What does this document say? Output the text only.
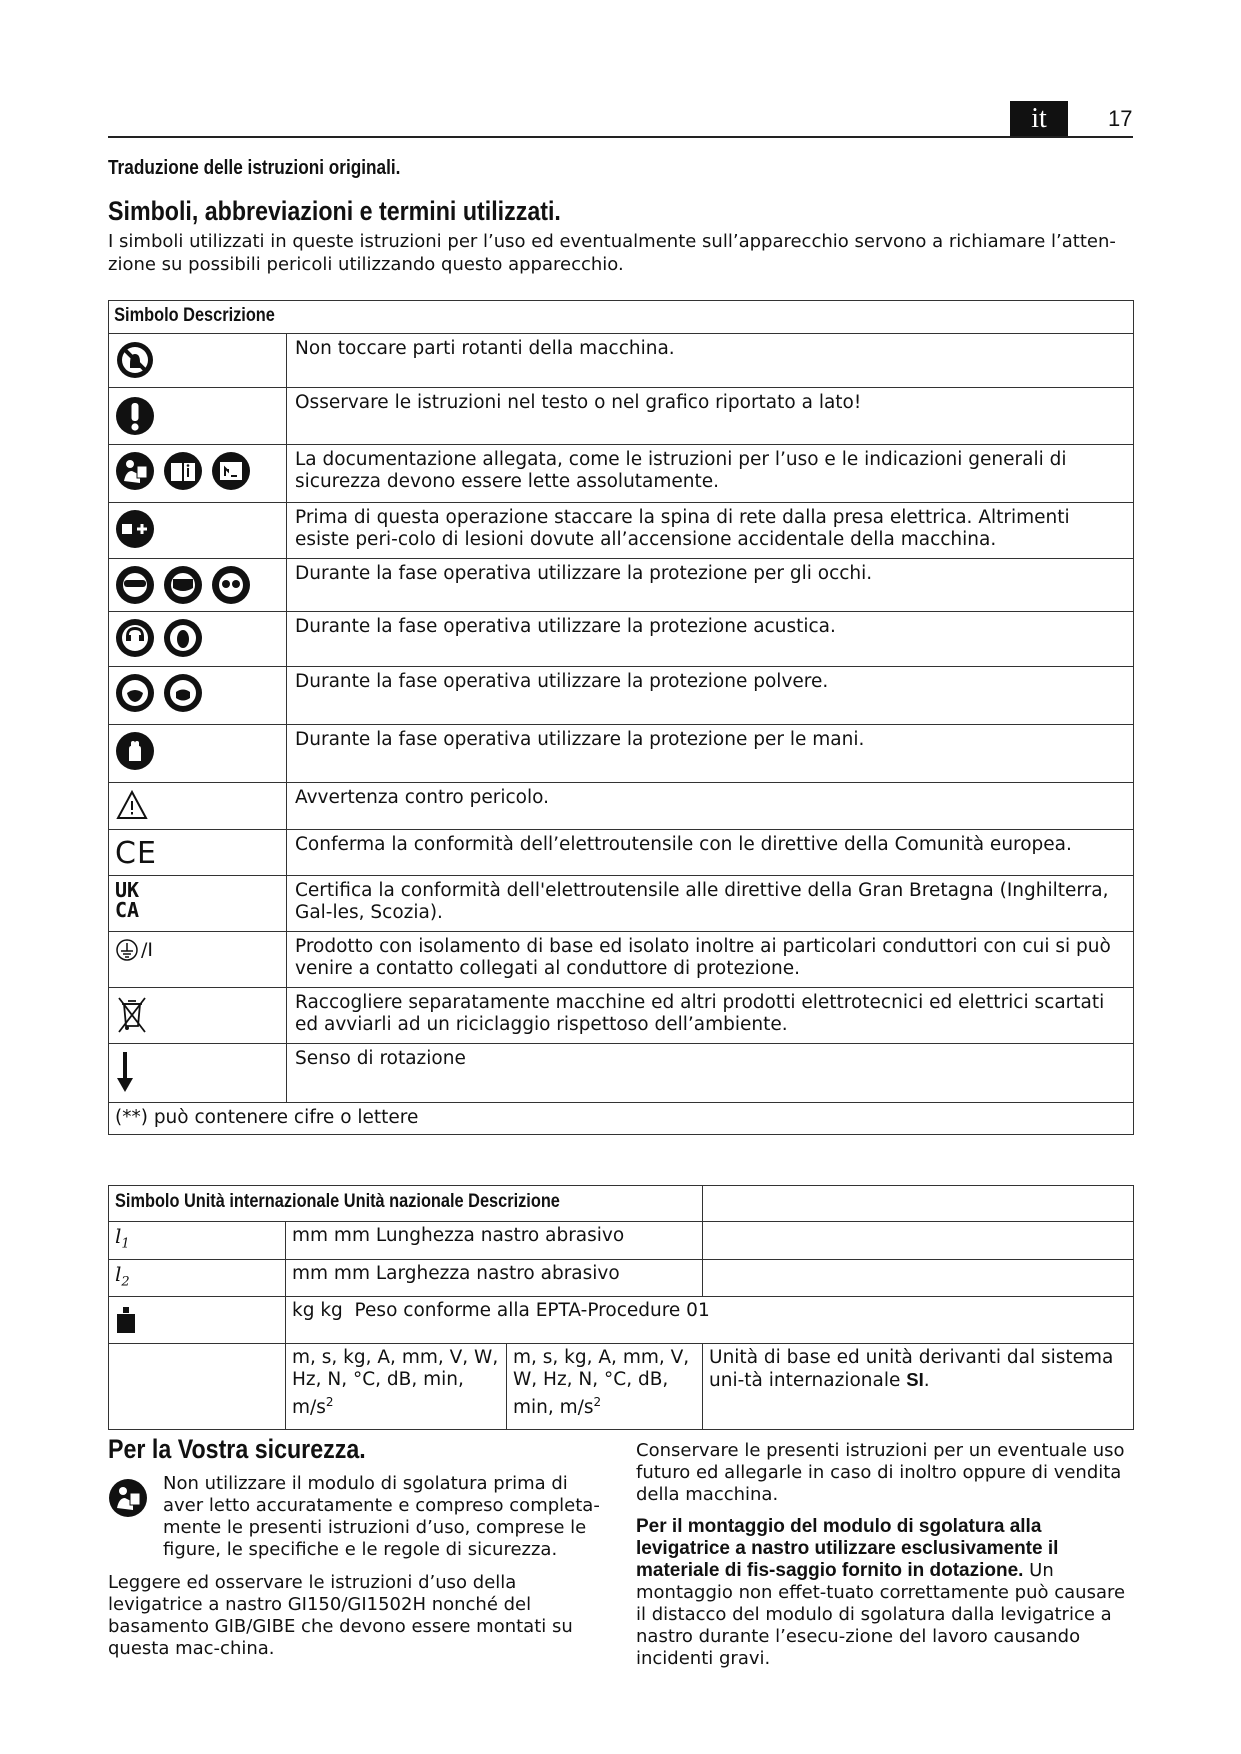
it	17
Traduzione delle istruzioni originali.
Simboli, abbreviazioni e termini utilizzati.
I simboli utilizzati in queste istruzioni per l’uso ed eventualmente sull’apparecchio servono a richiamare l’atten-
zione su possibili pericoli utilizzando questo apparecchio.
Simbolo Descrizione	

	Non toccare parti rotanti della macchina.

	Osservare le istruzioni nel testo o nel grafico riportato a lato!

	La documentazione allegata, come le istruzioni per l’uso e le indicazioni generali di sicurezza devono essere lette assolutamente.

	Prima di questa operazione staccare la spina di rete dalla presa elettrica. Altrimenti esiste peri-colo di lesioni dovute all’accensione accidentale della macchina.

	Durante la fase operativa utilizzare la protezione per gli occhi.

	Durante la fase operativa utilizzare la protezione acustica.

	Durante la fase operativa utilizzare la protezione polvere.

	Durante la fase operativa utilizzare la protezione per le mani.

	Avvertenza contro pericolo.

CE	Conferma la conformità dell’elettroutensile con le direttive della Comunità europea.

UK
CA	Certifica la conformità dell'elettroutensile alle direttive della Gran Bretagna (Inghilterra, Gal-les, Scozia).

/I	Prodotto con isolamento di base ed isolato inoltre ai particolari conduttori con cui si può venire a contatto collegati al conduttore di protezione.

	Raccogliere separatamente macchine ed altri prodotti elettrotecnici ed elettrici scartati ed avviarli ad un riciclaggio rispettoso dell’ambiente.

	Senso di rotazione
(**) può contenere cifre o lettere	
Simbolo Unità internazionale Unità nazionale Descrizione			

$l_1$	mm mm Lunghezza nastro abrasivo		
$l_2$	mm mm Larghezza nastro abrasivo		

	kg kg  Peso conforme alla EPTA-Procedure 01		
	m, s, kg, A, mm, V, W, Hz, N, °C, dB, min, $m/s^2$	m, s, kg, A, mm, V, W, Hz, N, °C, dB, min, $m/s^2$	Unità di base ed unità derivanti dal sistema uni-tà internazionale SI.
Per la Vostra sicurezza.
Non utilizzare il modulo di sgolatura prima di aver letto accuratamente e compreso completa-mente le presenti istruzioni d’uso, comprese le figure, le specifiche e le regole di sicurezza.
Leggere ed osservare le istruzioni d’uso della levigatrice a nastro GI150/GI1502H nonché del basamento GIB/GIBE che devono essere montati su questa mac-china.
Conservare le presenti istruzioni per un eventuale uso futuro ed allegarle in caso di inoltro oppure di vendita della macchina.
Per il montaggio del modulo di sgolatura alla levigatrice a nastro utilizzare esclusivamente il materiale di fis-saggio fornito in dotazione. Un montaggio non effet-tuato correttamente può causare il distacco del modulo di sgolatura dalla levigatrice a nastro durante l’esecu-zione del lavoro causando incidenti gravi.
